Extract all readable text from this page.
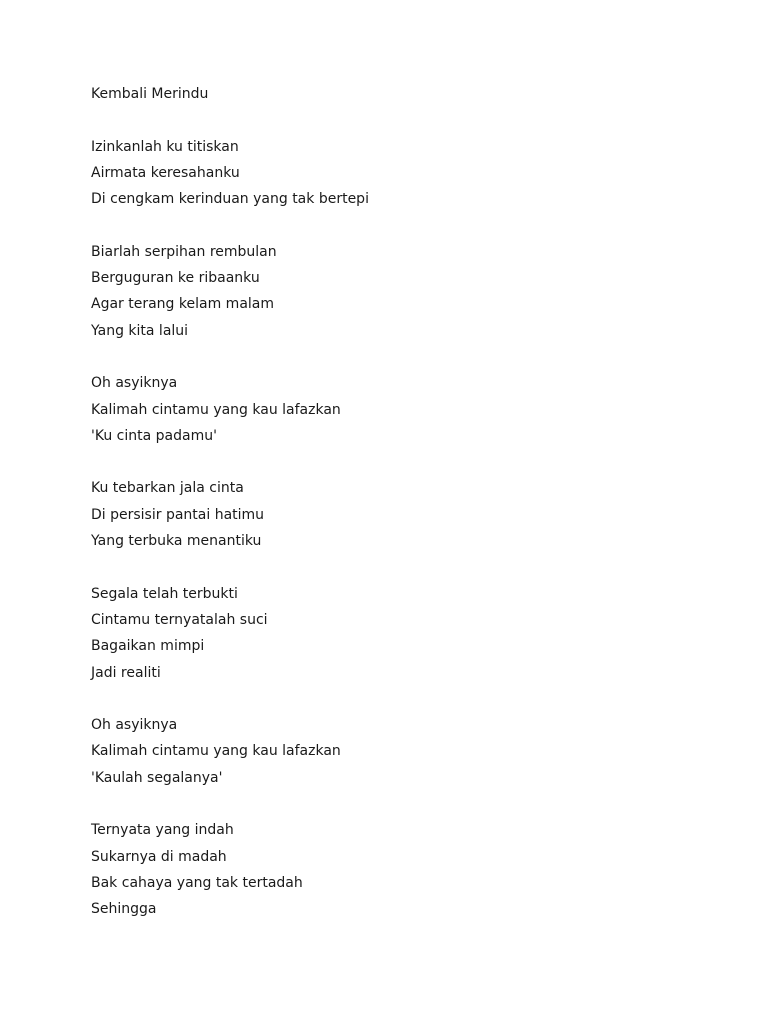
Kembali Merindu
Izinkanlah ku titiskan
Airmata keresahanku
Di cengkam kerinduan yang tak bertepi
Biarlah serpihan rembulan
Berguguran ke ribaanku
Agar terang kelam malam
Yang kita lalui
Oh asyiknya
Kalimah cintamu yang kau lafazkan
'Ku cinta padamu'
Ku tebarkan jala cinta
Di persisir pantai hatimu
Yang terbuka menantiku
Segala telah terbukti
Cintamu ternyatalah suci
Bagaikan mimpi
Jadi realiti
Oh asyiknya
Kalimah cintamu yang kau lafazkan
'Kaulah segalanya'
Ternyata yang indah
Sukarnya di madah
Bak cahaya yang tak tertadah
Sehingga
